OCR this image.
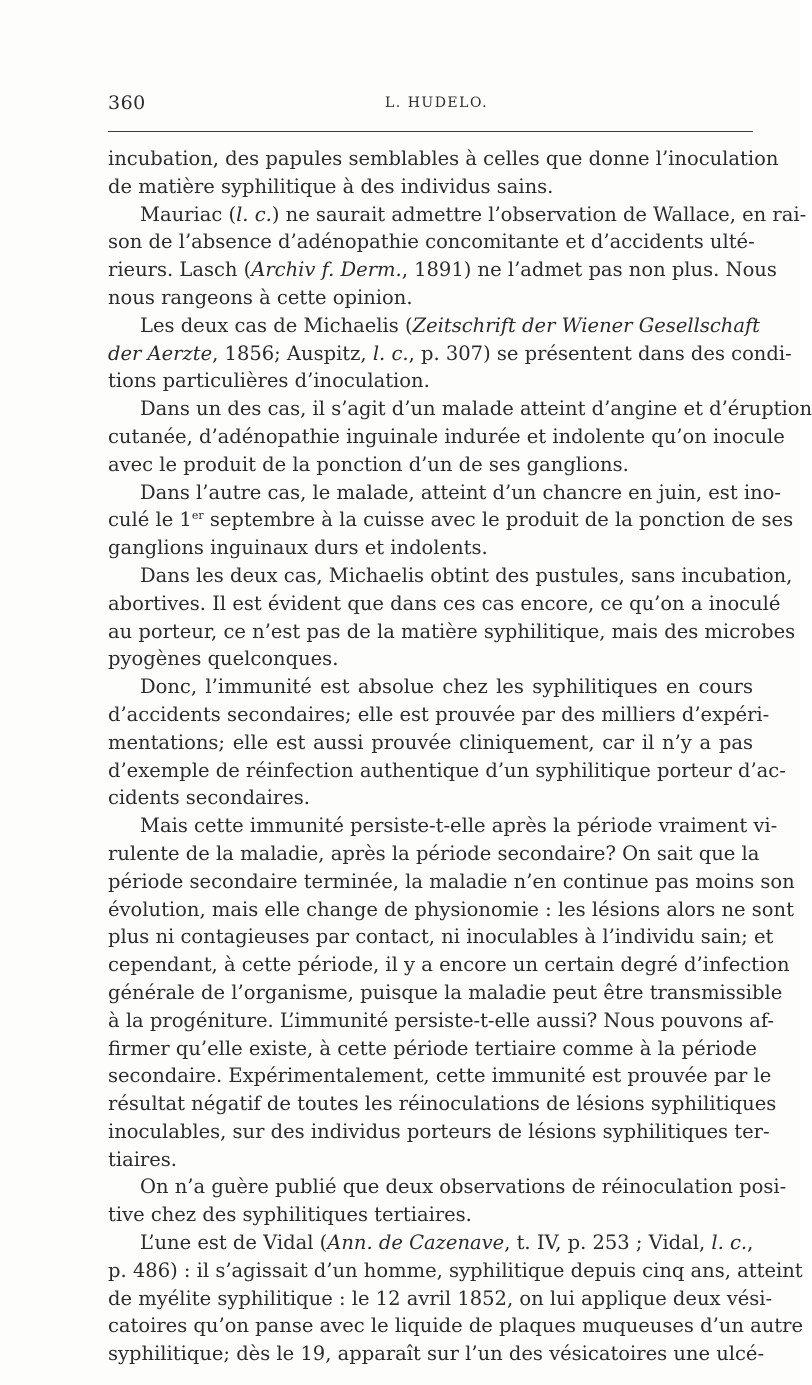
360	L. HUDELO.
incubation, des papules semblables à celles que donne l’inoculation
de matière syphilitique à des individus sains.
Mauriac (l. c.) ne saurait admettre l’observation de Wallace, en rai-
son de l’absence d’adénopathie concomitante et d’accidents ulté-
rieurs. Lasch (Archiv f. Derm., 1891) ne l’admet pas non plus. Nous
nous rangeons à cette opinion.
Les deux cas de Michaelis (Zeitschrift der Wiener Gesellschaft
der Aerzte, 1856; Auspitz, l. c., p. 307) se présentent dans des condi-
tions particulières d’inoculation.
Dans un des cas, il s’agit d’un malade atteint d’angine et d’éruption
cutanée, d’adénopathie inguinale indurée et indolente qu’on inocule
avec le produit de la ponction d’un de ses ganglions.
Dans l’autre cas, le malade, atteint d’un chancre en juin, est ino-
culé le 1er septembre à la cuisse avec le produit de la ponction de ses
ganglions inguinaux durs et indolents.
Dans les deux cas, Michaelis obtint des pustules, sans incubation,
abortives. Il est évident que dans ces cas encore, ce qu’on a inoculé
au porteur, ce n’est pas de la matière syphilitique, mais des microbes
pyogènes quelconques.
Donc, l’immunité est absolue chez les syphilitiques en cours
d’accidents secondaires; elle est prouvée par des milliers d’expéri-
mentations; elle est aussi prouvée cliniquement, car il n’y a pas
d’exemple de réinfection authentique d’un syphilitique porteur d’ac-
cidents secondaires.
Mais cette immunité persiste-t-elle après la période vraiment vi-
rulente de la maladie, après la période secondaire? On sait que la
période secondaire terminée, la maladie n’en continue pas moins son
évolution, mais elle change de physionomie : les lésions alors ne sont
plus ni contagieuses par contact, ni inoculables à l’individu sain; et
cependant, à cette période, il y a encore un certain degré d’infection
générale de l’organisme, puisque la maladie peut être transmissible
à la progéniture. L’immunité persiste-t-elle aussi? Nous pouvons af-
firmer qu’elle existe, à cette période tertiaire comme à la période
secondaire. Expérimentalement, cette immunité est prouvée par le
résultat négatif de toutes les réinoculations de lésions syphilitiques
inoculables, sur des individus porteurs de lésions syphilitiques ter-
tiaires.
On n’a guère publié que deux observations de réinoculation posi-
tive chez des syphilitiques tertiaires.
L’une est de Vidal (Ann. de Cazenave, t. IV, p. 253 ; Vidal, l. c.,
p. 486) : il s’agissait d’un homme, syphilitique depuis cinq ans, atteint
de myélite syphilitique : le 12 avril 1852, on lui applique deux vési-
catoires qu’on panse avec le liquide de plaques muqueuses d’un autre
syphilitique; dès le 19, apparaît sur l’un des vésicatoires une ulcé-
